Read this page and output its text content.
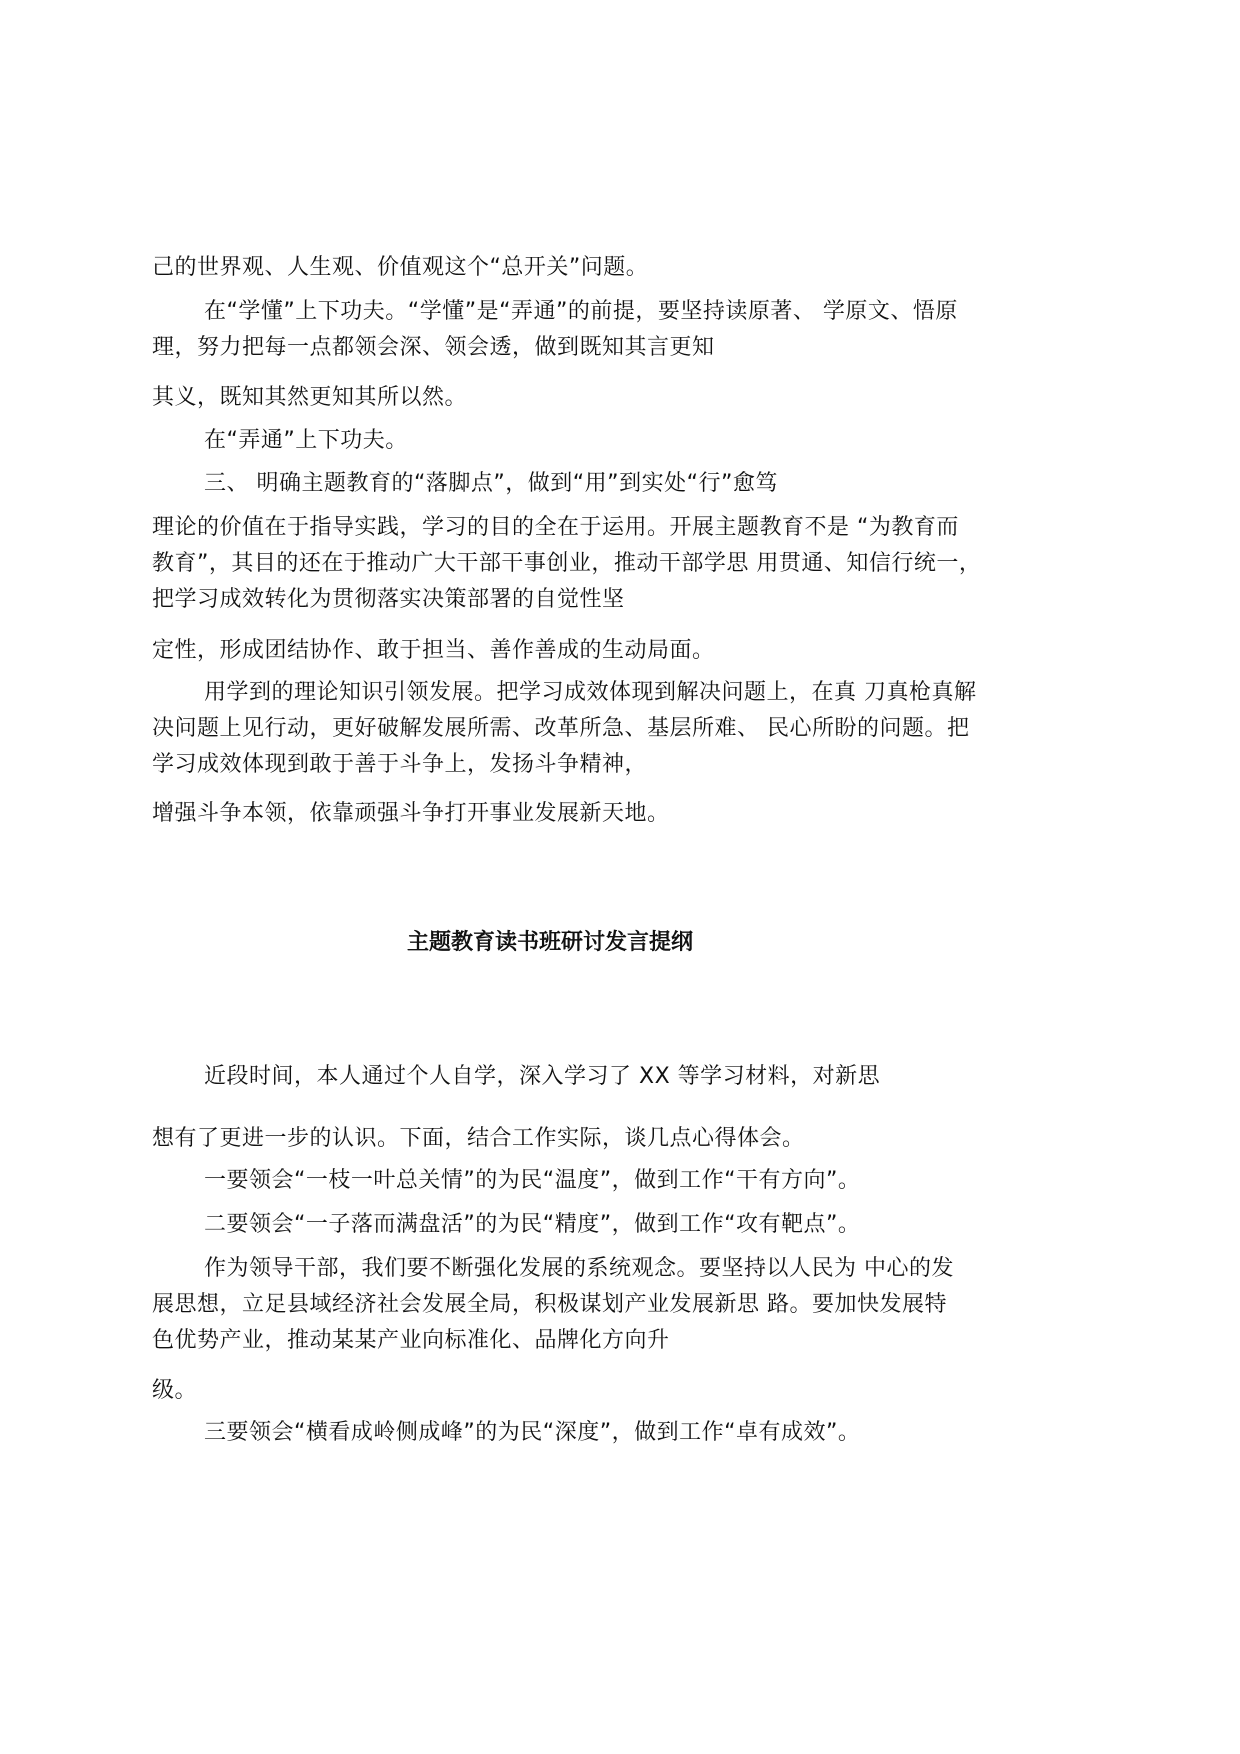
己的世界观、人生观、价值观这个“总开关”问题。
在“学懂”上下功夫。“学懂”是“弄通”的前提，要坚持读原著、 学原文、悟原
理，努力把每一点都领会深、领会透，做到既知其言更知
其义，既知其然更知其所以然。
在“弄通”上下功夫。
三、 明确主题教育的“落脚点”，做到“用”到实处“行”愈笃
理论的价值在于指导实践，学习的目的全在于运用。开展主题教育不是 “为教育而
教育”，其目的还在于推动广大干部干事创业，推动干部学思 用贯通、知信行统一，
把学习成效转化为贯彻落实决策部署的自觉性坚
定性，形成团结协作、敢于担当、善作善成的生动局面。
用学到的理论知识引领发展。把学习成效体现到解决问题上，在真 刀真枪真解
决问题上见行动，更好破解发展所需、改革所急、基层所难、 民心所盼的问题。把
学习成效体现到敢于善于斗争上，发扬斗争精神，
增强斗争本领，依靠顽强斗争打开事业发展新天地。
主题教育读书班研讨发言提纲
近段时间，本人通过个人自学，深入学习了 XX 等学习材料，对新思
想有了更进一步的认识。下面，结合工作实际，谈几点心得体会。
一要领会“一枝一叶总关情”的为民“温度”，做到工作“干有方向”。
二要领会“一子落而满盘活”的为民“精度”，做到工作“攻有靶点”。
作为领导干部，我们要不断强化发展的系统观念。要坚持以人民为 中心的发
展思想，立足县域经济社会发展全局，积极谋划产业发展新思 路。要加快发展特
色优势产业，推动某某产业向标准化、品牌化方向升
级。
三要领会“横看成岭侧成峰”的为民“深度”，做到工作“卓有成效”。
